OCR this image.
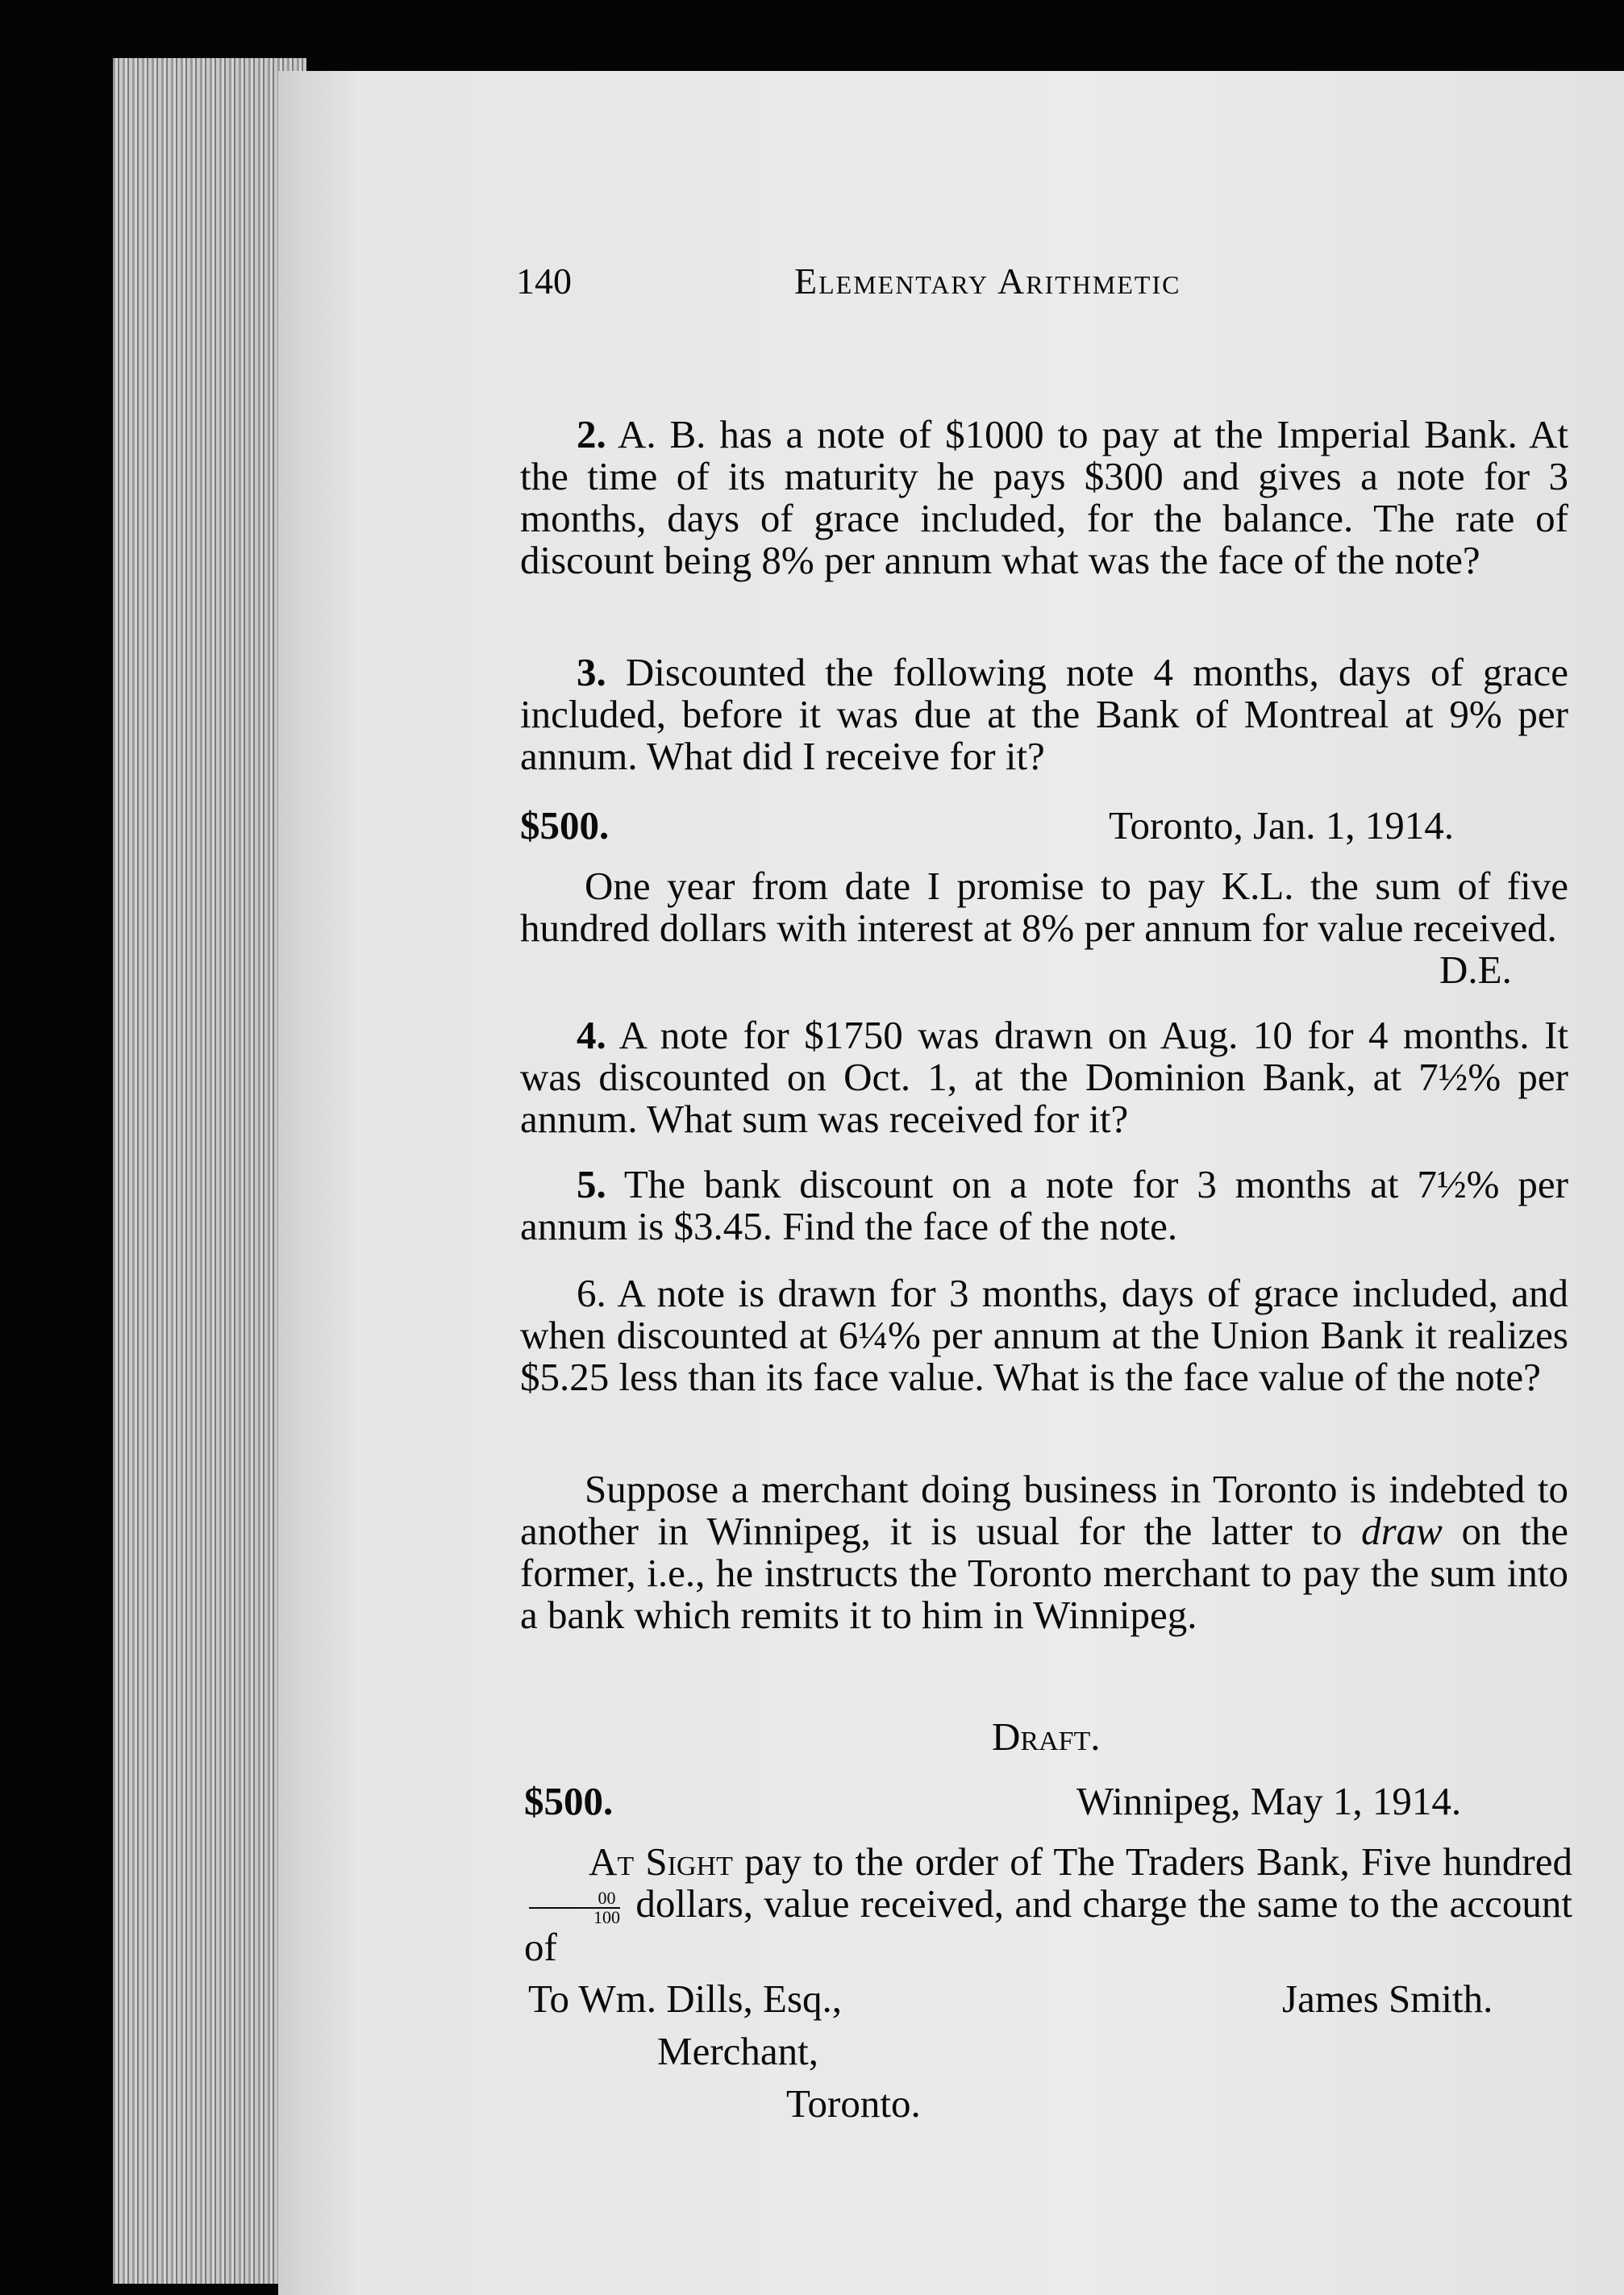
140	Elementary Arithmetic
2. A. B. has a note of $1000 to pay at the Imperial Bank. At the time of its maturity he pays $300 and gives a note for 3 months, days of grace included, for the balance. The rate of discount being 8% per annum what was the face of the note?
3. Discounted the following note 4 months, days of grace included, before it was due at the Bank of Montreal at 9% per annum. What did I receive for it?
$500.	Toronto, Jan. 1, 1914.
One year from date I promise to pay K.L. the sum of five hundred dollars with interest at 8% per annum for value received.
D.E.
4. A note for $1750 was drawn on Aug. 10 for 4 months. It was discounted on Oct. 1, at the Dominion Bank, at 7½% per annum. What sum was received for it?
5. The bank discount on a note for 3 months at 7½% per annum is $3.45. Find the face of the note.
6. A note is drawn for 3 months, days of grace included, and when discounted at 6¼% per annum at the Union Bank it realizes $5.25 less than its face value. What is the face value of the note?
Suppose a merchant doing business in Toronto is indebted to another in Winnipeg, it is usual for the latter to draw on the former, i.e., he instructs the Toronto merchant to pay the sum into a bank which remits it to him in Winnipeg.
Draft.
$500.	Winnipeg, May 1, 1914.
At Sight pay to the order of The Traders Bank, Five hundred
$\frac{00}{100}$ dollars, value received, and charge the same to the account of
To Wm. Dills, Esq.,	James Smith.
Merchant,
Toronto.
